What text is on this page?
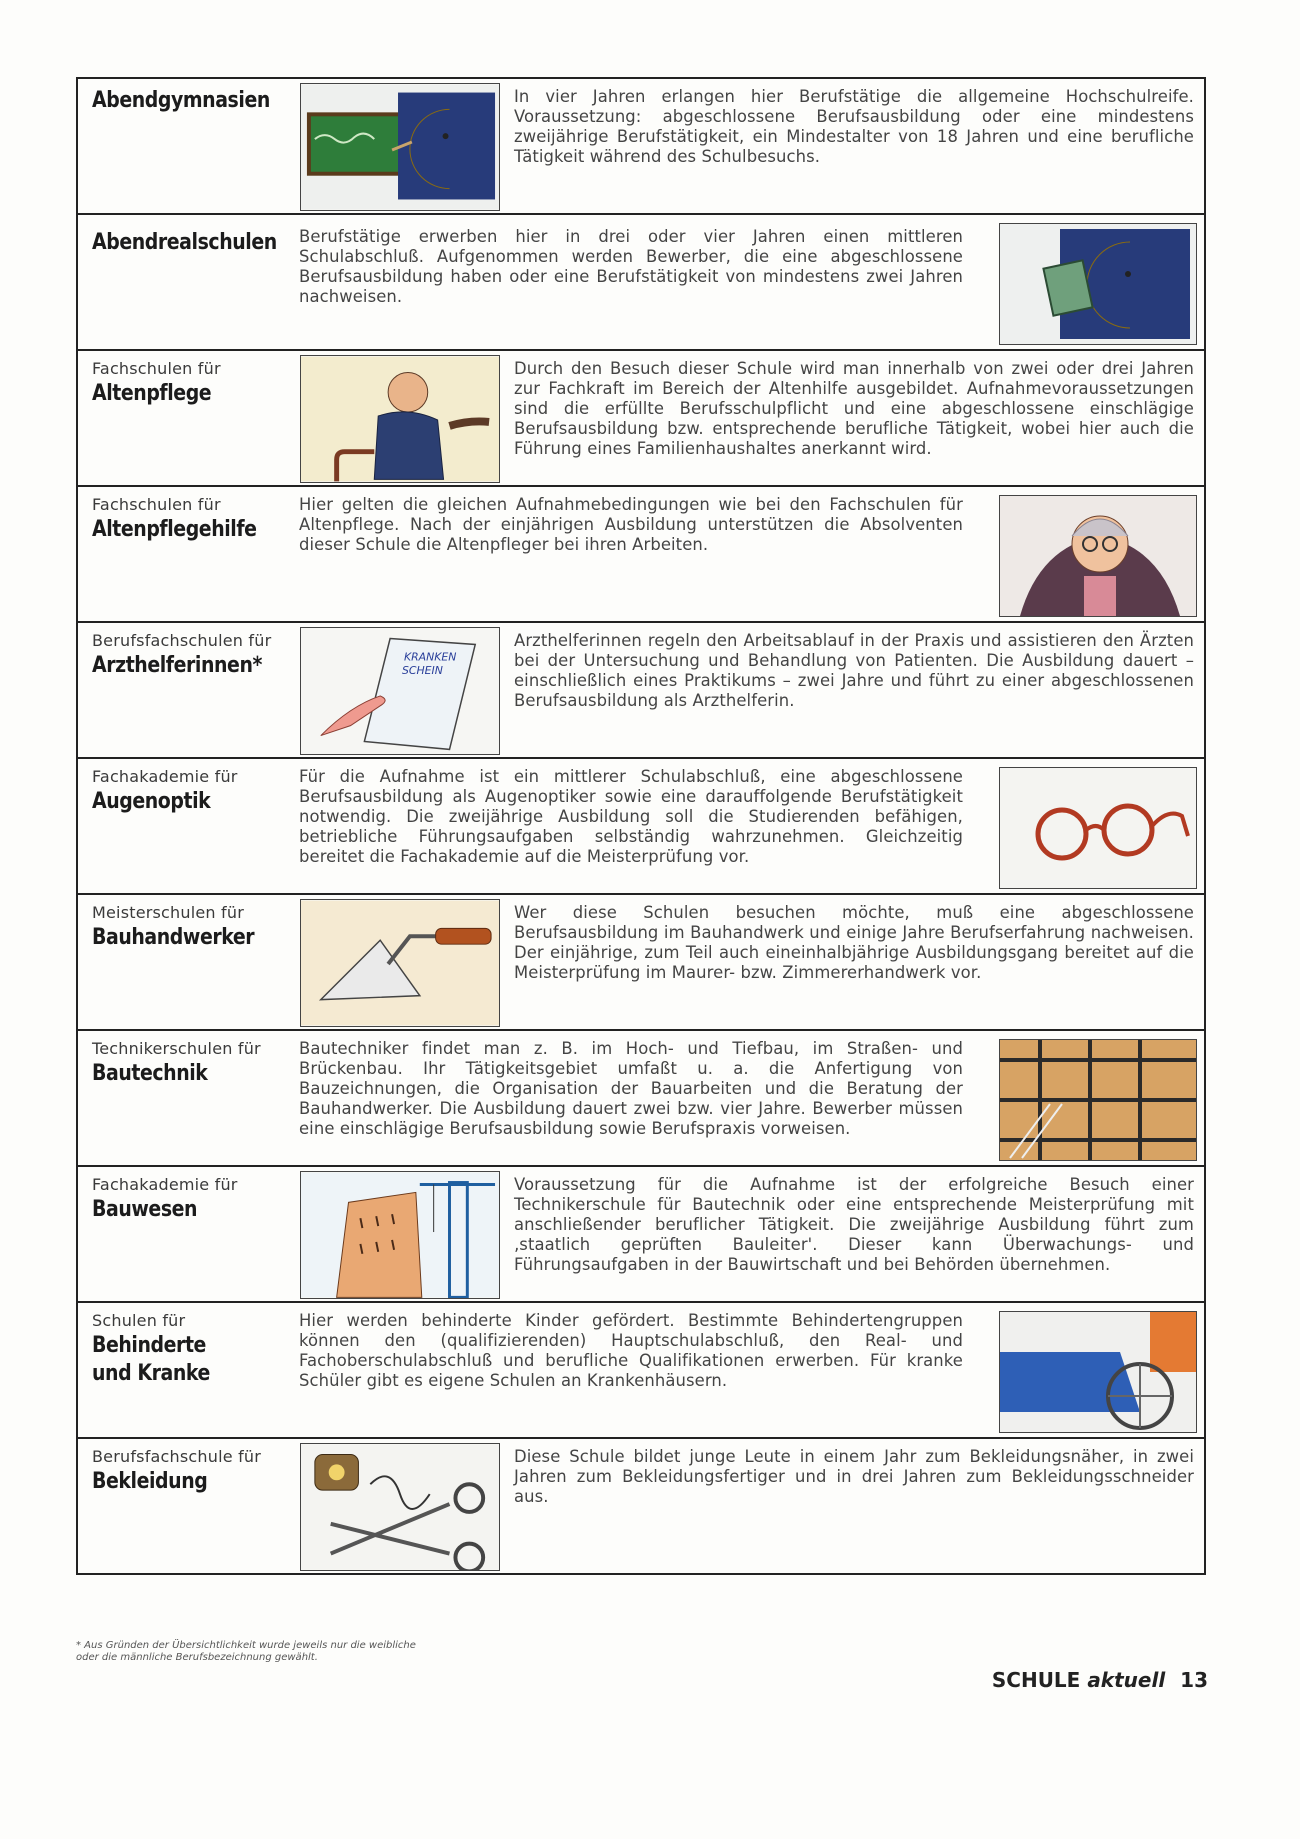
Abendgymnasien	In vier Jahren erlangen hier Berufstätige die allgemeine Hochschulreife. Voraussetzung: abgeschlossene Berufsausbildung oder eine mindestens zweijährige Berufstätigkeit, ein Mindestalter von 18 Jahren und eine berufliche Tätigkeit während des Schulbesuchs.
Abendrealschulen Berufstätige erwerben hier in drei oder vier Jahren einen mittleren Schulabschluß. Aufgenommen werden Bewerber, die eine abgeschlossene Berufsausbildung haben oder eine Berufstätigkeit von mindestens zwei Jahren nachweisen.
Fachschulen für
Altenpflege
Durch den Besuch dieser Schule wird man innerhalb von zwei oder drei Jahren zur Fachkraft im Bereich der Altenhilfe ausgebildet. Aufnahmevoraussetzungen sind die erfüllte Berufsschulpflicht und eine abgeschlossene einschlägige Berufsausbildung bzw. entsprechende berufliche Tätigkeit, wobei hier auch die Führung eines Familienhaushaltes anerkannt wird.
Fachschulen für
Altenpflegehilfe
Hier gelten die gleichen Aufnahmebedingungen wie bei den Fachschulen für Altenpflege. Nach der einjährigen Ausbildung unterstützen die Absolventen dieser Schule die Altenpfleger bei ihren Arbeiten.
Berufsfachschulen für
Arzthelferinnen*	KRANKEN
SCHEIN
Arzthelferinnen regeln den Arbeitsablauf in der Praxis und assistieren den Ärzten bei der Untersuchung und Behandlung von Patienten. Die Ausbildung dauert – einschließlich eines Praktikums – zwei Jahre und führt zu einer abgeschlossenen Berufsausbildung als Arzthelferin.
Fachakademie für
Augenoptik
Für die Aufnahme ist ein mittlerer Schulabschluß, eine abgeschlossene Berufsausbildung als Augenoptiker sowie eine darauffolgende Berufstätigkeit notwendig. Die zweijährige Ausbildung soll die Studierenden befähigen, betriebliche Führungsaufgaben selbständig wahrzunehmen. Gleichzeitig bereitet die Fachakademie auf die Meisterprüfung vor.
Meisterschulen für
Bauhandwerker
Wer diese Schulen besuchen möchte, muß eine abgeschlossene Berufsausbildung im Bauhandwerk und einige Jahre Berufserfahrung nachweisen. Der einjährige, zum Teil auch eineinhalbjährige Ausbildungsgang bereitet auf die Meisterprüfung im Maurer- bzw. Zimmererhandwerk vor.
Technikerschulen für
Bautechnik
Bautechniker findet man z. B. im Hoch- und Tiefbau, im Straßen- und Brückenbau. Ihr Tätigkeitsgebiet umfaßt u. a. die Anfertigung von Bauzeichnungen, die Organisation der Bauarbeiten und die Beratung der Bauhandwerker. Die Ausbildung dauert zwei bzw. vier Jahre. Bewerber müssen eine einschlägige Berufsausbildung sowie Berufspraxis vorweisen.
Fachakademie für
Bauwesen
Voraussetzung für die Aufnahme ist der erfolgreiche Besuch einer Technikerschule für Bautechnik oder eine entsprechende Meisterprüfung mit anschließender beruflicher Tätigkeit. Die zweijährige Ausbildung führt zum ‚staatlich geprüften Bauleiter'. Dieser kann Überwachungs- und Führungsaufgaben in der Bauwirtschaft und bei Behörden übernehmen.
Schulen für
Behinderte
und Kranke
Hier werden behinderte Kinder gefördert. Bestimmte Behindertengruppen können den (qualifizierenden) Hauptschulabschluß, den Real- und Fachoberschulabschluß und berufliche Qualifikationen erwerben. Für kranke Schüler gibt es eigene Schulen an Krankenhäusern.
Berufsfachschule für
Bekleidung
Diese Schule bildet junge Leute in einem Jahr zum Bekleidungsnäher, in zwei Jahren zum Bekleidungsfertiger und in drei Jahren zum Bekleidungsschneider aus.
* Aus Gründen der Übersichtlichkeit wurde jeweils nur die weibliche
oder die männliche Berufsbezeichnung gewählt.
SCHULE aktuell 13
